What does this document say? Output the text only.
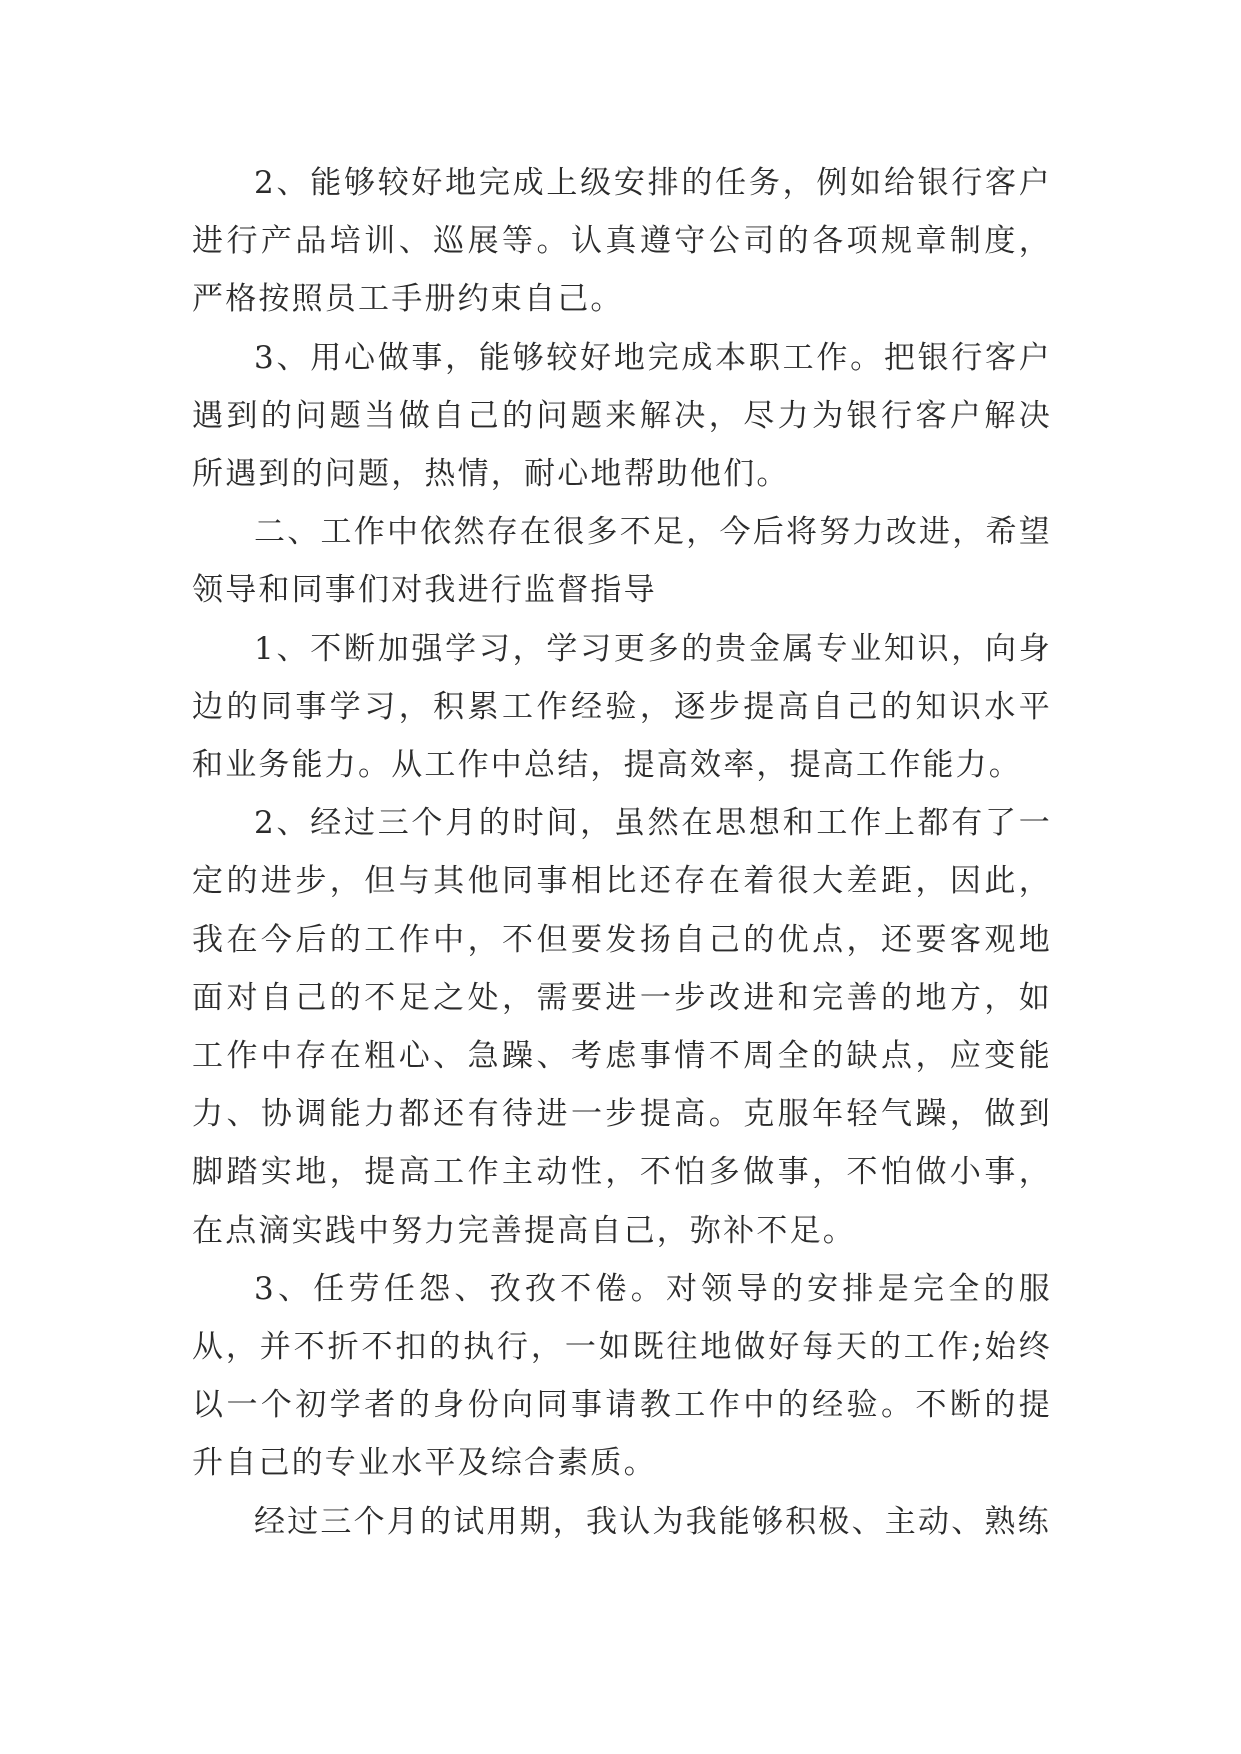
2、能够较好地完成上级安排的任务，例如给银行客户进行产品培训、巡展等。认真遵守公司的各项规章制度，严格按照员工手册约束自己。

3、用心做事，能够较好地完成本职工作。把银行客户遇到的问题当做自己的问题来解决，尽力为银行客户解决所遇到的问题，热情，耐心地帮助他们。

二、工作中依然存在很多不足，今后将努力改进，希望领导和同事们对我进行监督指导

1、不断加强学习，学习更多的贵金属专业知识，向身边的同事学习，积累工作经验，逐步提高自己的知识水平和业务能力。从工作中总结，提高效率，提高工作能力。

2、经过三个月的时间，虽然在思想和工作上都有了一定的进步，但与其他同事相比还存在着很大差距，因此，我在今后的工作中，不但要发扬自己的优点，还要客观地面对自己的不足之处，需要进一步改进和完善的地方，如工作中存在粗心、急躁、考虑事情不周全的缺点，应变能力、协调能力都还有待进一步提高。克服年轻气躁，做到脚踏实地，提高工作主动性，不怕多做事，不怕做小事，在点滴实践中努力完善提高自己，弥补不足。

3、任劳任怨、孜孜不倦。对领导的安排是完全的服从，并不折不扣的执行，一如既往地做好每天的工作;始终以一个初学者的身份向同事请教工作中的经验。不断的提升自己的专业水平及综合素质。

经过三个月的试用期，我认为我能够积极、主动、熟练
